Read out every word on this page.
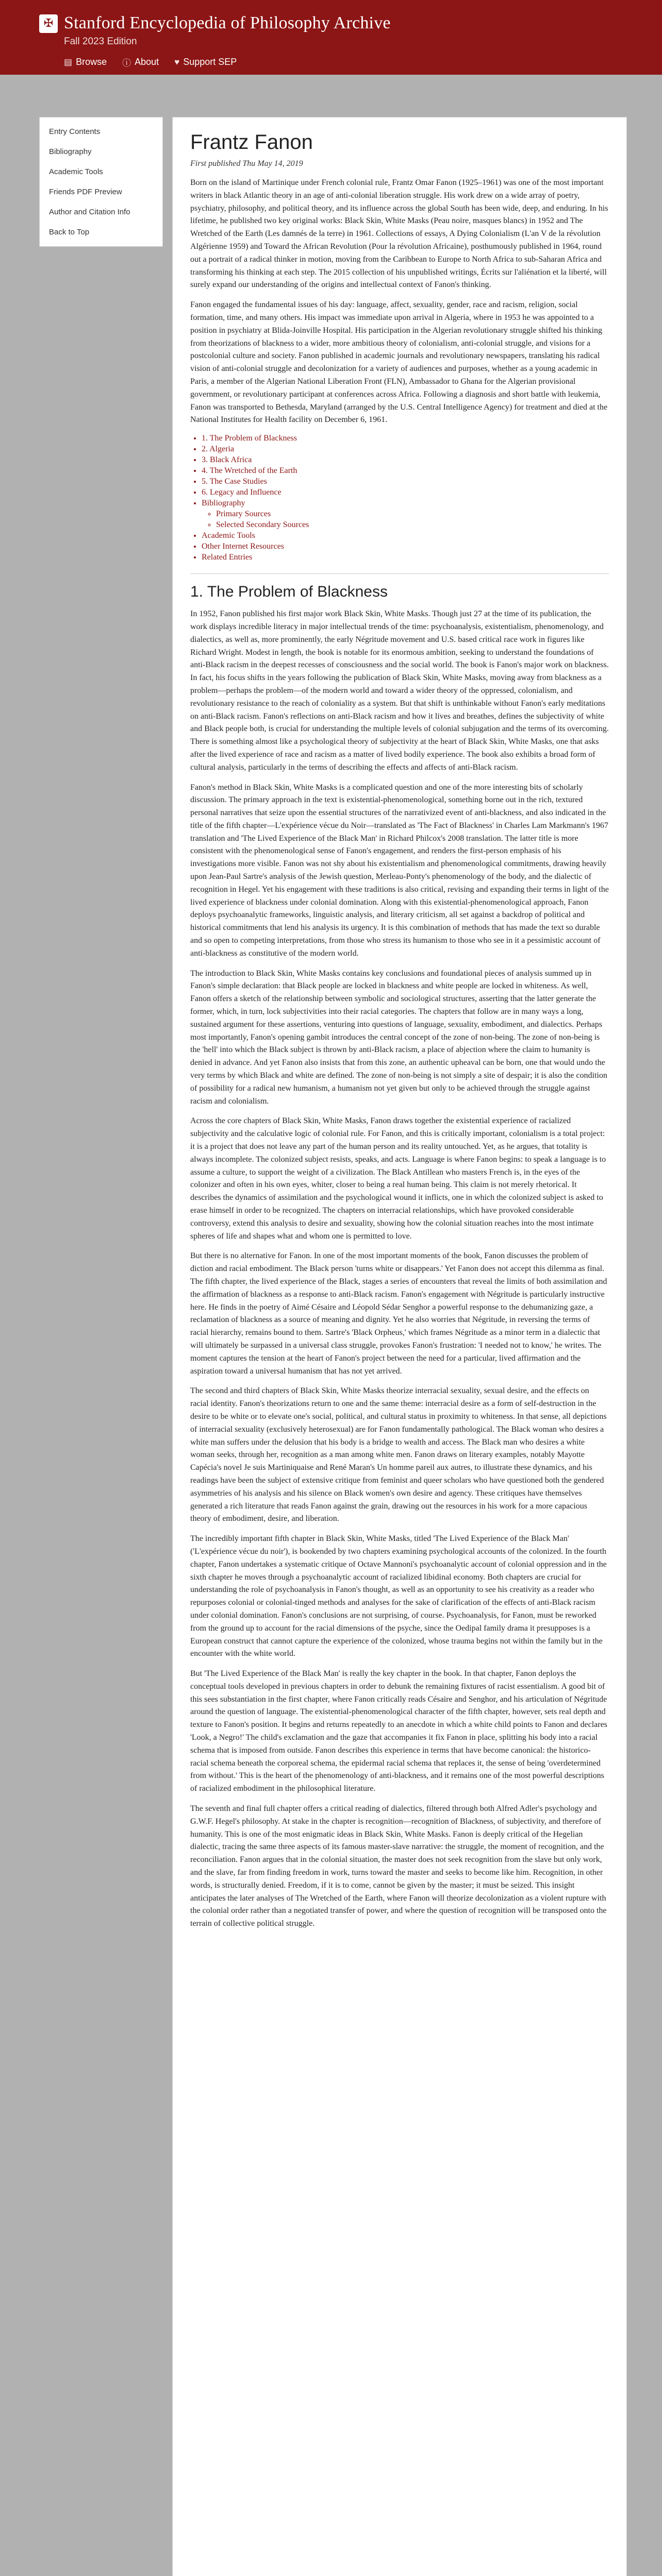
✠ Stanford Encyclopedia of Philosophy Archive
Fall 2023 Edition
▤ Browse ⓘ About ♥ Support SEP
Entry Contents
Bibliography
Academic Tools
Friends PDF Preview
Author and Citation Info
Back to Top
Frantz Fanon
First published Thu May 14, 2019

Born on the island of Martinique under French colonial rule, Frantz Omar Fanon (1925–1961) was one of the most important writers in black Atlantic theory in an age of anti-colonial liberation struggle. His work drew on a wide array of poetry, psychiatry, philosophy, and political theory, and its influence across the global South has been wide, deep, and enduring. In his lifetime, he published two key original works: Black Skin, White Masks (Peau noire, masques blancs) in 1952 and The Wretched of the Earth (Les damnés de la terre) in 1961. Collections of essays, A Dying Colonialism (L'an V de la révolution Algérienne 1959) and Toward the African Revolution (Pour la révolution Africaine), posthumously published in 1964, round out a portrait of a radical thinker in motion, moving from the Caribbean to Europe to North Africa to sub-Saharan Africa and transforming his thinking at each step. The 2015 collection of his unpublished writings, Écrits sur l'aliénation et la liberté, will surely expand our understanding of the origins and intellectual context of Fanon's thinking.

Fanon engaged the fundamental issues of his day: language, affect, sexuality, gender, race and racism, religion, social formation, time, and many others. His impact was immediate upon arrival in Algeria, where in 1953 he was appointed to a position in psychiatry at Blida-Joinville Hospital. His participation in the Algerian revolutionary struggle shifted his thinking from theorizations of blackness to a wider, more ambitious theory of colonialism, anti-colonial struggle, and visions for a postcolonial culture and society. Fanon published in academic journals and revolutionary newspapers, translating his radical vision of anti-colonial struggle and decolonization for a variety of audiences and purposes, whether as a young academic in Paris, a member of the Algerian National Liberation Front (FLN), Ambassador to Ghana for the Algerian provisional government, or revolutionary participant at conferences across Africa. Following a diagnosis and short battle with leukemia, Fanon was transported to Bethesda, Maryland (arranged by the U.S. Central Intelligence Agency) for treatment and died at the National Institutes for Health facility on December 6, 1961.

• 1. The Problem of Blackness
• 2. Algeria
• 3. Black Africa
• 4. The Wretched of the Earth
• 5. The Case Studies
• 6. Legacy and Influence
• Bibliography
◦ Primary Sources
◦ Selected Secondary Sources
• Academic Tools
• Other Internet Resources
• Related Entries
1. The Problem of Blackness

In 1952, Fanon published his first major work Black Skin, White Masks. Though just 27 at the time of its publication, the work displays incredible literacy in major intellectual trends of the time: psychoanalysis, existentialism, phenomenology, and dialectics, as well as, more prominently, the early Négritude movement and U.S. based critical race work in figures like Richard Wright. Modest in length, the book is notable for its enormous ambition, seeking to understand the foundations of anti-Black racism in the deepest recesses of consciousness and the social world. The book is Fanon's major work on blackness. In fact, his focus shifts in the years following the publication of Black Skin, White Masks, moving away from blackness as a problem—perhaps the problem—of the modern world and toward a wider theory of the oppressed, colonialism, and revolutionary resistance to the reach of coloniality as a system. But that shift is unthinkable without Fanon's early meditations on anti-Black racism. Fanon's reflections on anti-Black racism and how it lives and breathes, defines the subjectivity of white and Black people both, is crucial for understanding the multiple levels of colonial subjugation and the terms of its overcoming. There is something almost like a psychological theory of subjectivity at the heart of Black Skin, White Masks, one that asks after the lived experience of race and racism as a matter of lived bodily experience. The book also exhibits a broad form of cultural analysis, particularly in the terms of describing the effects and affects of anti-Black racism.

Fanon's method in Black Skin, White Masks is a complicated question and one of the more interesting bits of scholarly discussion. The primary approach in the text is existential-phenomenological, something borne out in the rich, textured personal narratives that seize upon the essential structures of the narrativized event of anti-blackness, and also indicated in the title of the fifth chapter—L'expérience vécue du Noir—translated as 'The Fact of Blackness' in Charles Lam Markmann's 1967 translation and 'The Lived Experience of the Black Man' in Richard Philcox's 2008 translation. The latter title is more consistent with the phenomenological sense of Fanon's engagement, and renders the first-person emphasis of his investigations more visible. Fanon was not shy about his existentialism and phenomenological commitments, drawing heavily upon Jean-Paul Sartre's analysis of the Jewish question, Merleau-Ponty's phenomenology of the body, and the dialectic of recognition in Hegel. Yet his engagement with these traditions is also critical, revising and expanding their terms in light of the lived experience of blackness under colonial domination. Along with this existential-phenomenological approach, Fanon deploys psychoanalytic frameworks, linguistic analysis, and literary criticism, all set against a backdrop of political and historical commitments that lend his analysis its urgency. It is this combination of methods that has made the text so durable and so open to competing interpretations, from those who stress its humanism to those who see in it a pessimistic account of anti-blackness as constitutive of the modern world.

The introduction to Black Skin, White Masks contains key conclusions and foundational pieces of analysis summed up in Fanon's simple declaration: that Black people are locked in blackness and white people are locked in whiteness. As well, Fanon offers a sketch of the relationship between symbolic and sociological structures, asserting that the latter generate the former, which, in turn, lock subjectivities into their racial categories. The chapters that follow are in many ways a long, sustained argument for these assertions, venturing into questions of language, sexuality, embodiment, and dialectics. Perhaps most importantly, Fanon's opening gambit introduces the central concept of the zone of non-being. The zone of non-being is the 'hell' into which the Black subject is thrown by anti-Black racism, a place of abjection where the claim to humanity is denied in advance. And yet Fanon also insists that from this zone, an authentic upheaval can be born, one that would undo the very terms by which Black and white are defined. The zone of non-being is not simply a site of despair; it is also the condition of possibility for a radical new humanism, a humanism not yet given but only to be achieved through the struggle against racism and colonialism.

Across the core chapters of Black Skin, White Masks, Fanon draws together the existential experience of racialized subjectivity and the calculative logic of colonial rule. For Fanon, and this is critically important, colonialism is a total project: it is a project that does not leave any part of the human person and its reality untouched. Yet, as he argues, that totality is always incomplete. The colonized subject resists, speaks, and acts. Language is where Fanon begins: to speak a language is to assume a culture, to support the weight of a civilization. The Black Antillean who masters French is, in the eyes of the colonizer and often in his own eyes, whiter, closer to being a real human being. This claim is not merely rhetorical. It describes the dynamics of assimilation and the psychological wound it inflicts, one in which the colonized subject is asked to erase himself in order to be recognized. The chapters on interracial relationships, which have provoked considerable controversy, extend this analysis to desire and sexuality, showing how the colonial situation reaches into the most intimate spheres of life and shapes what and whom one is permitted to love.

But there is no alternative for Fanon. In one of the most important moments of the book, Fanon discusses the problem of diction and racial embodiment. The Black person 'turns white or disappears.' Yet Fanon does not accept this dilemma as final. The fifth chapter, the lived experience of the Black, stages a series of encounters that reveal the limits of both assimilation and the affirmation of blackness as a response to anti-Black racism. Fanon's engagement with Négritude is particularly instructive here. He finds in the poetry of Aimé Césaire and Léopold Sédar Senghor a powerful response to the dehumanizing gaze, a reclamation of blackness as a source of meaning and dignity. Yet he also worries that Négritude, in reversing the terms of racial hierarchy, remains bound to them. Sartre's 'Black Orpheus,' which frames Négritude as a minor term in a dialectic that will ultimately be surpassed in a universal class struggle, provokes Fanon's frustration: 'I needed not to know,' he writes. The moment captures the tension at the heart of Fanon's project between the need for a particular, lived affirmation and the aspiration toward a universal humanism that has not yet arrived.

The second and third chapters of Black Skin, White Masks theorize interracial sexuality, sexual desire, and the effects on racial identity. Fanon's theorizations return to one and the same theme: interracial desire as a form of self-destruction in the desire to be white or to elevate one's social, political, and cultural status in proximity to whiteness. In that sense, all depictions of interracial sexuality (exclusively heterosexual) are for Fanon fundamentally pathological. The Black woman who desires a white man suffers under the delusion that his body is a bridge to wealth and access. The Black man who desires a white woman seeks, through her, recognition as a man among white men. Fanon draws on literary examples, notably Mayotte Capécia's novel Je suis Martiniquaise and René Maran's Un homme pareil aux autres, to illustrate these dynamics, and his readings have been the subject of extensive critique from feminist and queer scholars who have questioned both the gendered asymmetries of his analysis and his silence on Black women's own desire and agency. These critiques have themselves generated a rich literature that reads Fanon against the grain, drawing out the resources in his work for a more capacious theory of embodiment, desire, and liberation.

The incredibly important fifth chapter in Black Skin, White Masks, titled 'The Lived Experience of the Black Man' ('L'expérience vécue du noir'), is bookended by two chapters examining psychological accounts of the colonized. In the fourth chapter, Fanon undertakes a systematic critique of Octave Mannoni's psychoanalytic account of colonial oppression and in the sixth chapter he moves through a psychoanalytic account of racialized libidinal economy. Both chapters are crucial for understanding the role of psychoanalysis in Fanon's thought, as well as an opportunity to see his creativity as a reader who repurposes colonial or colonial-tinged methods and analyses for the sake of clarification of the effects of anti-Black racism under colonial domination. Fanon's conclusions are not surprising, of course. Psychoanalysis, for Fanon, must be reworked from the ground up to account for the racial dimensions of the psyche, since the Oedipal family drama it presupposes is a European construct that cannot capture the experience of the colonized, whose trauma begins not within the family but in the encounter with the white world.

But 'The Lived Experience of the Black Man' is really the key chapter in the book. In that chapter, Fanon deploys the conceptual tools developed in previous chapters in order to debunk the remaining fixtures of racist essentialism. A good bit of this sees substantiation in the first chapter, where Fanon critically reads Césaire and Senghor, and his articulation of Négritude around the question of language. The existential-phenomenological character of the fifth chapter, however, sets real depth and texture to Fanon's position. It begins and returns repeatedly to an anecdote in which a white child points to Fanon and declares 'Look, a Negro!' The child's exclamation and the gaze that accompanies it fix Fanon in place, splitting his body into a racial schema that is imposed from outside. Fanon describes this experience in terms that have become canonical: the historico-racial schema beneath the corporeal schema, the epidermal racial schema that replaces it, the sense of being 'overdetermined from without.' This is the heart of the phenomenology of anti-blackness, and it remains one of the most powerful descriptions of racialized embodiment in the philosophical literature.

The seventh and final full chapter offers a critical reading of dialectics, filtered through both Alfred Adler's psychology and G.W.F. Hegel's philosophy. At stake in the chapter is recognition—recognition of Blackness, of subjectivity, and therefore of humanity. This is one of the most enigmatic ideas in Black Skin, White Masks. Fanon is deeply critical of the Hegelian dialectic, tracing the same three aspects of its famous master-slave narrative: the struggle, the moment of recognition, and the reconciliation. Fanon argues that in the colonial situation, the master does not seek recognition from the slave but only work, and the slave, far from finding freedom in work, turns toward the master and seeks to become like him. Recognition, in other words, is structurally denied. Freedom, if it is to come, cannot be given by the master; it must be seized. This insight anticipates the later analyses of The Wretched of the Earth, where Fanon will theorize decolonization as a violent rupture with the colonial order rather than a negotiated transfer of power, and where the question of recognition will be transposed onto the terrain of collective political struggle.
